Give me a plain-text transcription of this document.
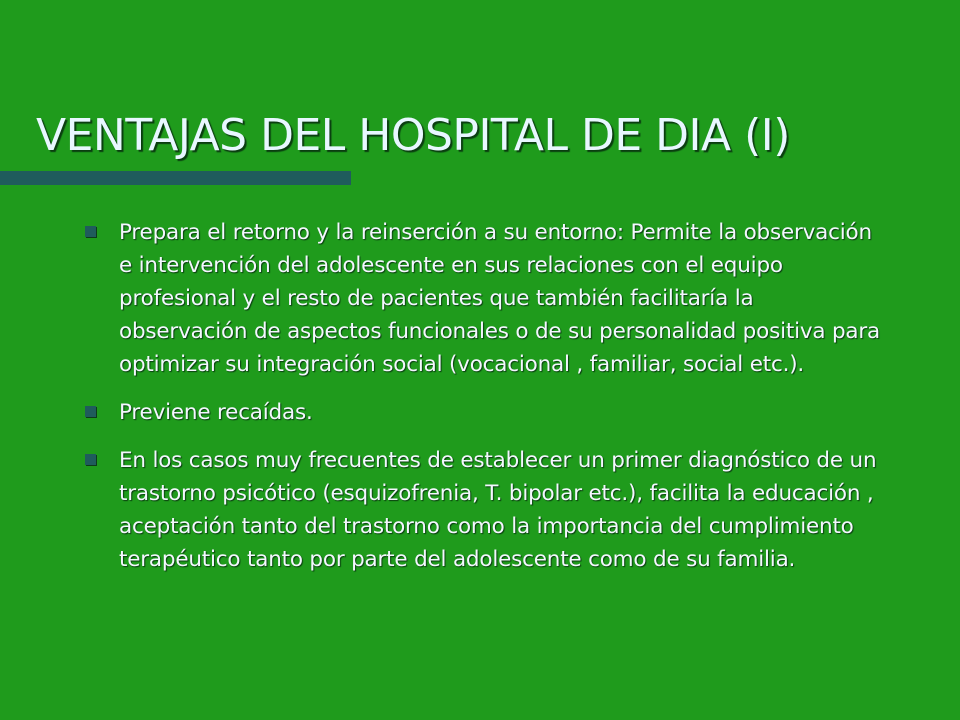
VENTAJAS DEL HOSPITAL DE DIA (I)
Prepara el retorno y la reinserción a su entorno: Permite la observación e intervención del adolescente en sus relaciones con el equipo profesional y el resto de pacientes que también facilitaría la observación de aspectos funcionales o de su personalidad positiva para optimizar su integración social (vocacional , familiar, social etc.).
Previene recaídas.
En los casos muy frecuentes de establecer un primer diagnóstico de un trastorno psicótico (esquizofrenia, T. bipolar etc.), facilita la educación , aceptación tanto del trastorno como la importancia del cumplimiento terapéutico tanto por parte del adolescente como de su familia.
